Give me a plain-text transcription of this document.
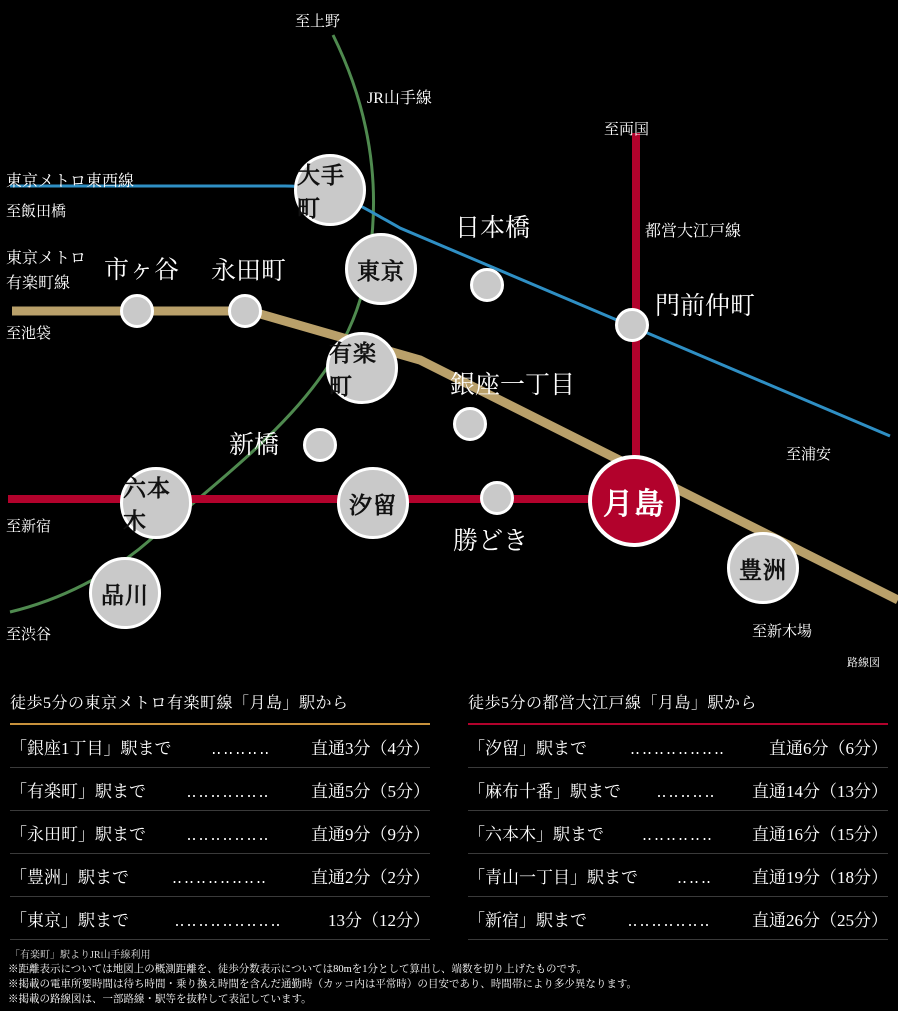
JR山手線
東京メトロ東西線
東京メトロ
有楽町線
都営大江戸線
至上野
至両国
至飯田橋
至池袋
至浦安
至新宿
至渋谷	至新木場
大手町
東京
有楽町
六本木
汐留
豊洲
品川
月島
日本橋
市ヶ谷 永田町
門前仲町
銀座一丁目
新橋
勝どき
路線図
徒歩5分の東京メトロ有楽町線「月島」駅から
「銀座1丁目」駅まで	‥‥‥‥‥	直通3分（4分）
「有楽町」駅まで	‥‥‥‥‥‥‥	直通5分（5分）
「永田町」駅まで	‥‥‥‥‥‥‥	直通9分（9分）
「豊洲」駅まで	‥‥‥‥‥‥‥‥	直通2分（2分）
「東京」駅まで	‥‥‥‥‥‥‥‥‥	13分（12分）
「有楽町」駅よりJR山手線利用
徒歩5分の都営大江戸線「月島」駅から
「汐留」駅まで	‥‥‥‥‥‥‥‥	直通6分（6分）
「麻布十番」駅まで	‥‥‥‥‥	直通14分（13分）
「六本木」駅まで	‥‥‥‥‥‥	直通16分（15分）
「青山一丁目」駅まで	‥‥‥	直通19分（18分）
「新宿」駅まで	‥‥‥‥‥‥‥	直通26分（25分）
※距離表示については地図上の概測距離を、徒歩分数表示については80mを1分として算出し、端数を切り上げたものです。
※掲載の電車所要時間は待ち時間・乗り換え時間を含んだ通勤時（カッコ内は平常時）の目安であり、時間帯により多少異なります。
※掲載の路線図は、一部路線・駅等を抜粋して表記しています。
